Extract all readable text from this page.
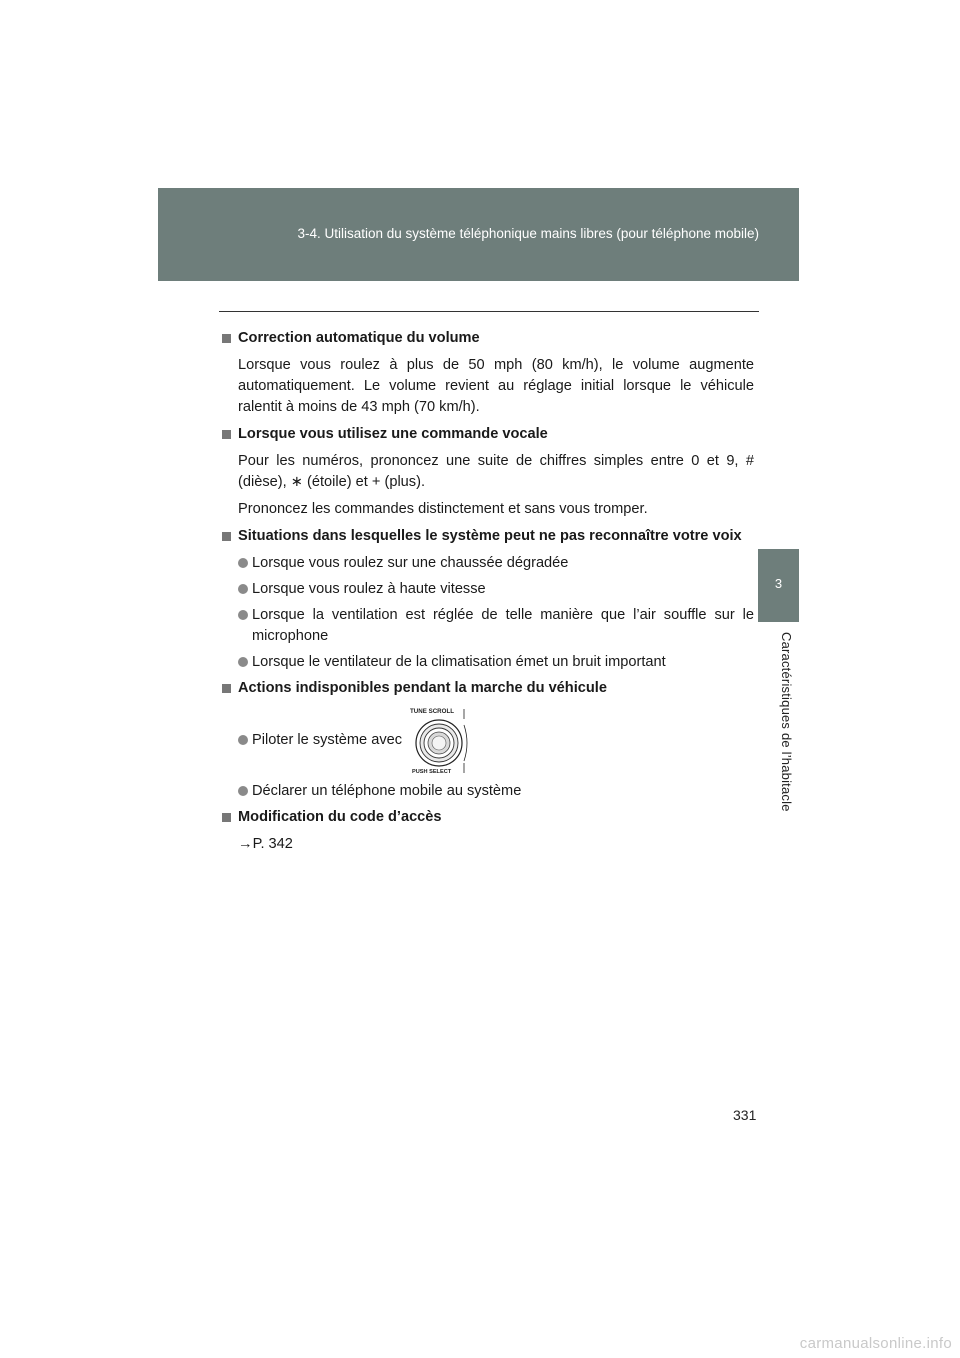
3-4. Utilisation du système téléphonique mains libres (pour téléphone mobile)
3
Caractéristiques de l’habitacle
Correction automatique du volume
Lorsque vous roulez à plus de 50 mph (80 km/h), le volume augmente automatiquement. Le volume revient au réglage initial lorsque le véhicule ralentit à moins de 43 mph (70 km/h).
Lorsque vous utilisez une commande vocale
Pour les numéros, prononcez une suite de chiffres simples entre 0 et 9, # (dièse), ∗ (étoile) et + (plus).
Prononcez les commandes distinctement et sans vous tromper.
Situations dans lesquelles le système peut ne pas reconnaître votre voix
Lorsque vous roulez sur une chaussée dégradée
Lorsque vous roulez à haute vitesse
Lorsque la ventilation est réglée de telle manière que l’air souffle sur le microphone
Lorsque le ventilateur de la climatisation émet un bruit important
Actions indisponibles pendant la marche du véhicule
Piloter le système avec
TUNE SCROLL
PUSH SELECT
Déclarer un téléphone mobile au système
Modification du code d’accès
→P. 342
331
carmanualsonline.info
